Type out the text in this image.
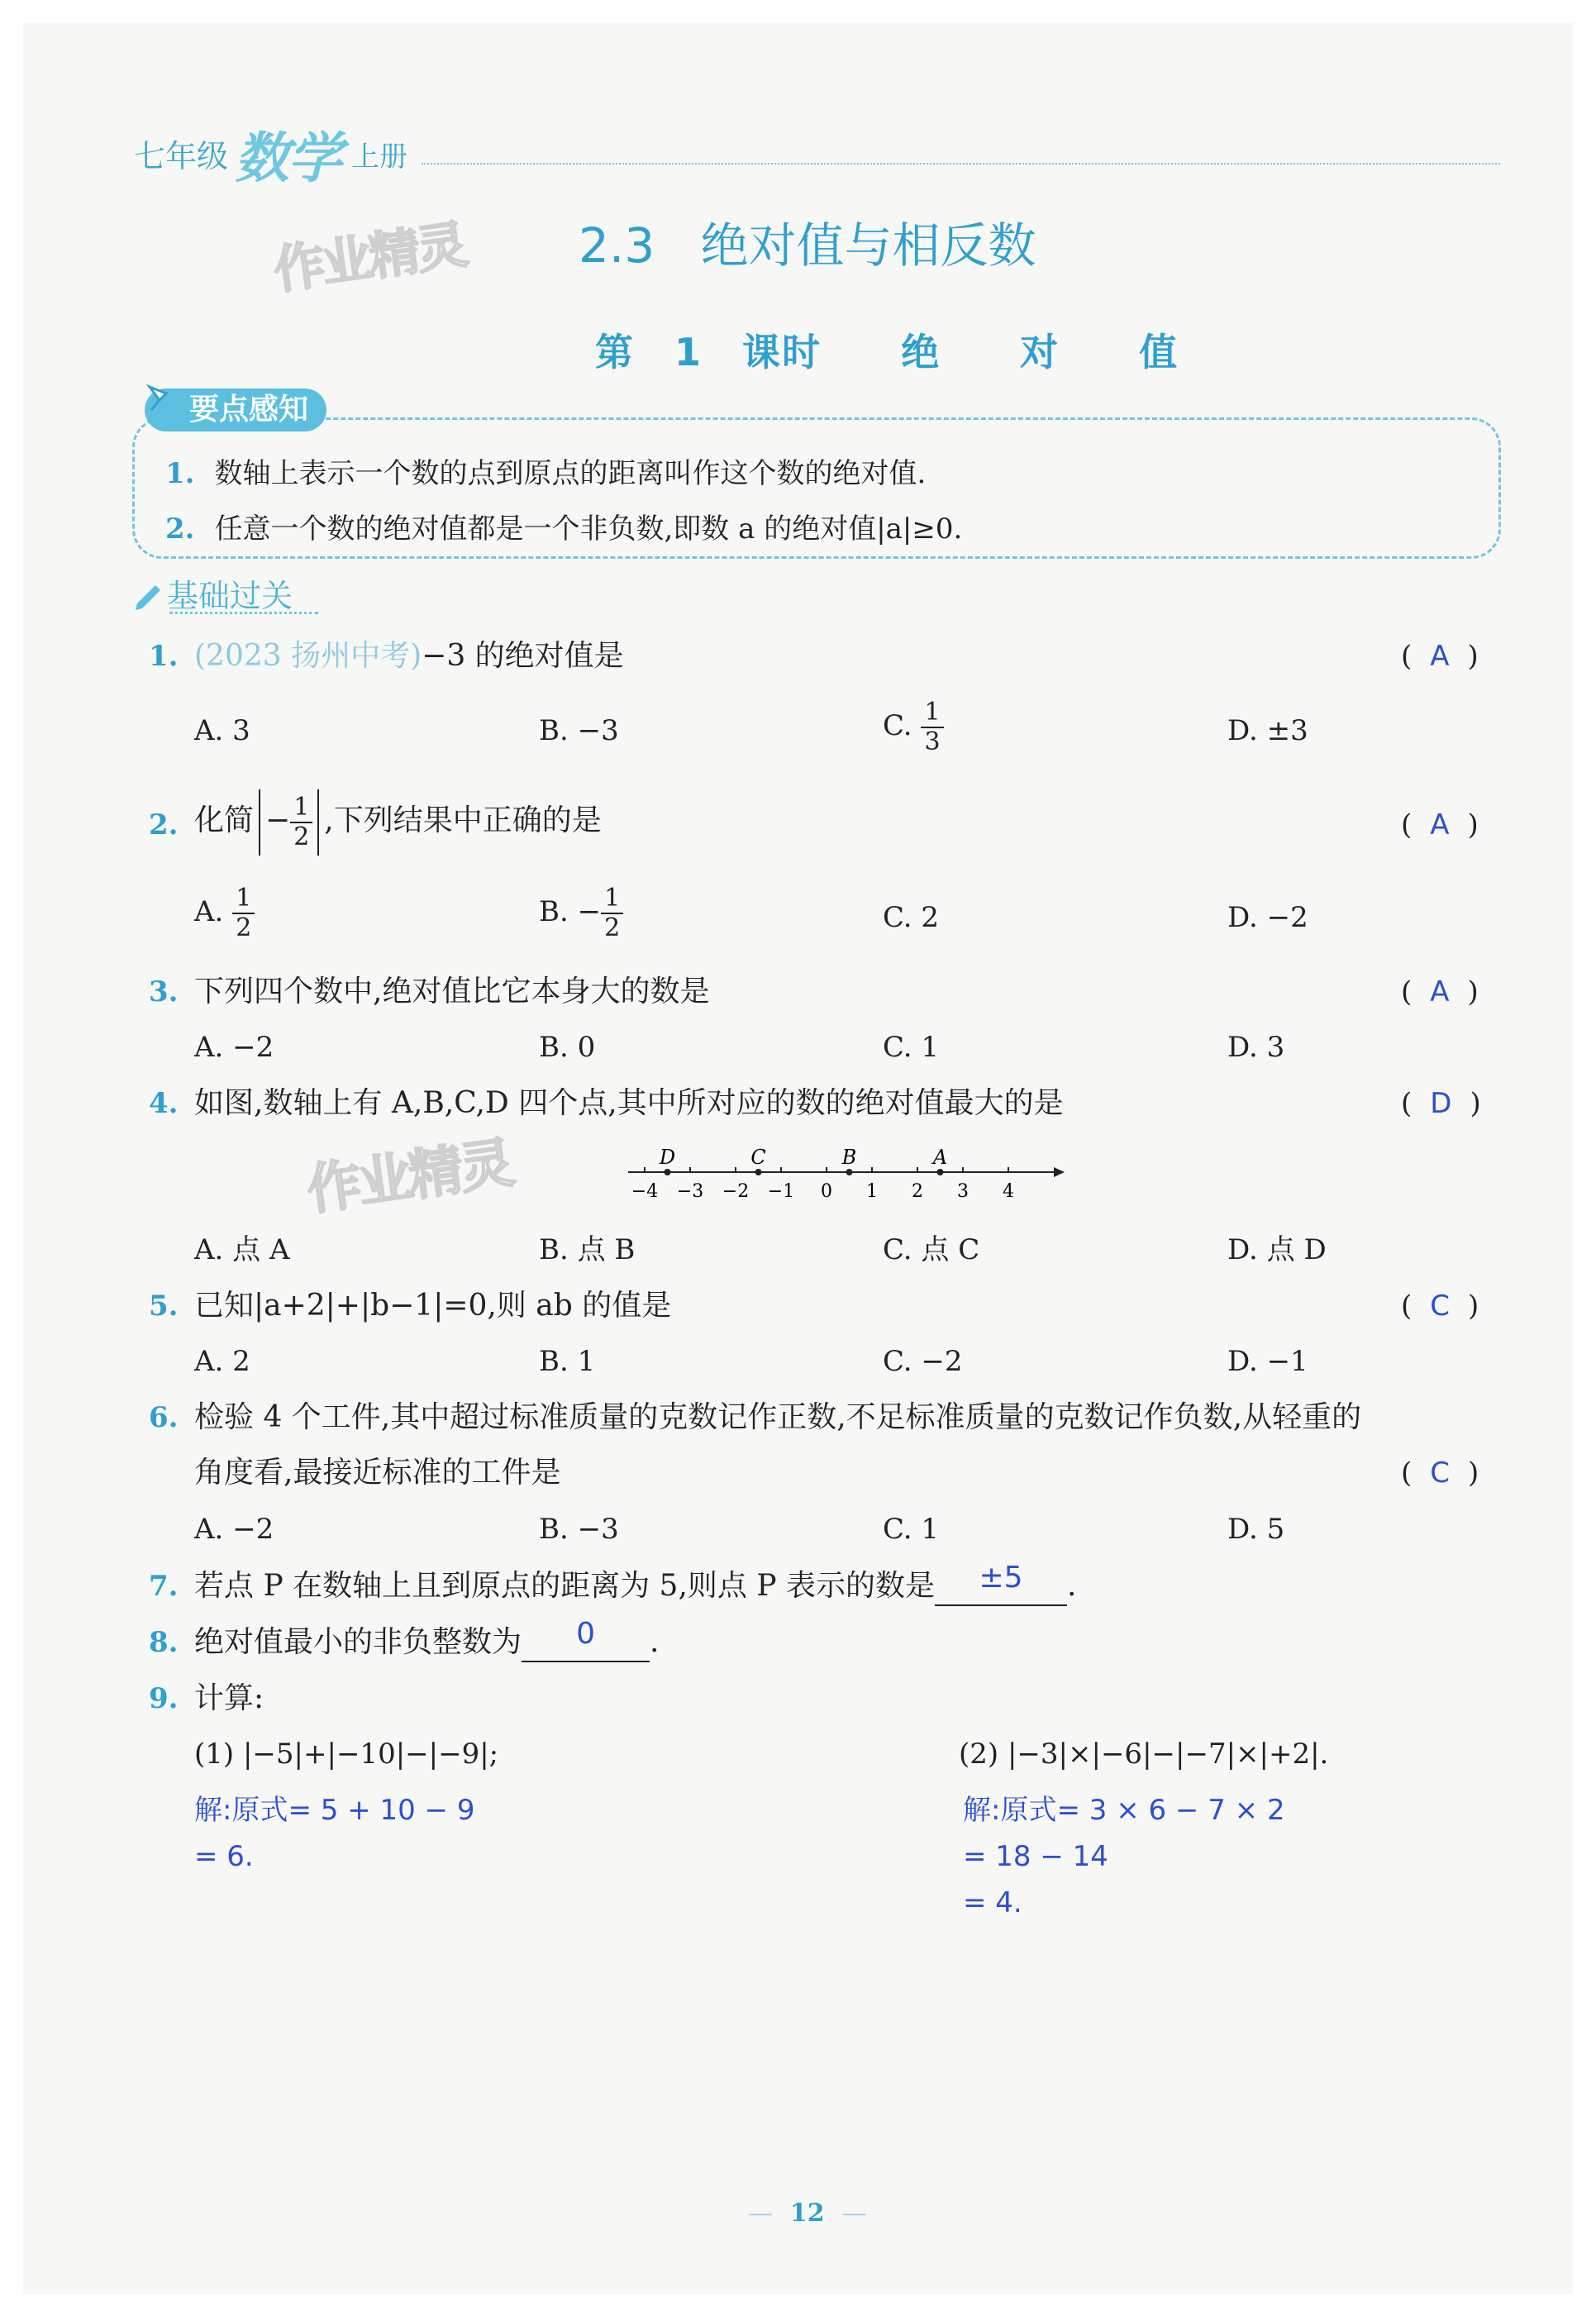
七年级 数学 上册
作业精灵 2.3   绝对值与相反数
第 1 课时  绝  对  值
要点感知
1. 数轴上表示一个数的点到原点的距离叫作这个数的绝对值.
2. 任意一个数的绝对值都是一个非负数,即数 a 的绝对值|a|≥0.
基础过关
1. (2023 扬州中考)−3 的绝对值是	( A )
A. 3	B. −3	C. $\frac{1}{3}$	D. ±3
2. 化简 − $\frac{1}{2}$ ,下列结果中正确的是	( A )
A. $\frac{1}{2}$	B. − $\frac{1}{2}$	C. 2	D. −2
3. 下列四个数中,绝对值比它本身大的数是	( A )
A. −2	B. 0	C. 1	D. 3
4. 如图,数轴上有 A,B,C,D 四个点,其中所对应的数的绝对值最大的是	( D )
A. 点 A	B. 点 B	C. 点 C	D. 点 D
作业精灵	−4 −3 −2 −1 0 1 2 3 4
D	C	B	A
5. 已知|a+2|+|b−1|=0,则 ab 的值是	( C )
A. 2	B. 1	C. −2	D. −1
6. 检验 4 个工件,其中超过标准质量的克数记作正数,不足标准质量的克数记作负数,从轻重的
角度看,最接近标准的工件是	( C )
A. −2	B. −3	C. 1	D. 5
7. 若点 P 在数轴上且到原点的距离为 5,则点 P 表示的数是 ±5 .
8. 绝对值最小的非负整数为 0 .
9. 计算:
(1) |−5|+|−10|−|−9|;	(2) |−3|×|−6|−|−7|×|+2|.
解:原式= 5 + 10 − 9
= 6.
解:原式= 3 × 6 − 7 × 2
= 18 − 14
= 4.
— 12 —
